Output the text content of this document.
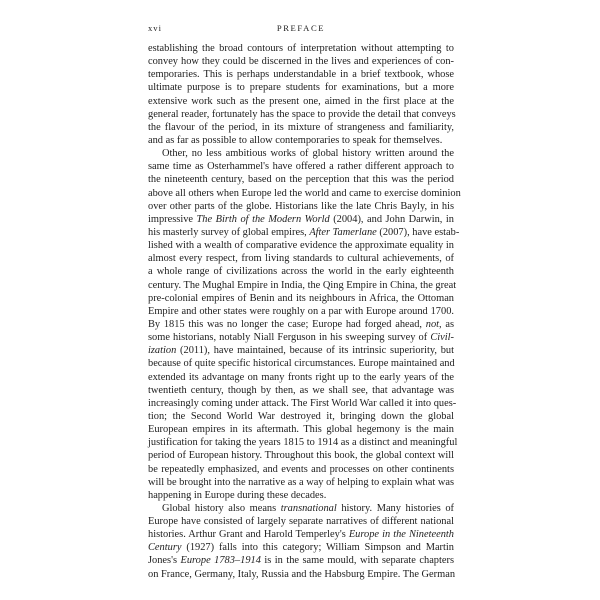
xvi	PREFACE
establishing the broad contours of interpretation without attempting to
convey how they could be discerned in the lives and experiences of con-
temporaries. This is perhaps understandable in a brief textbook, whose
ultimate purpose is to prepare students for examinations, but a more
extensive work such as the present one, aimed in the first place at the
general reader, fortunately has the space to provide the detail that conveys
the flavour of the period, in its mixture of strangeness and familiarity,
and as far as possible to allow contemporaries to speak for themselves.
Other, no less ambitious works of global history written around the
same time as Osterhammel's have offered a rather different approach to
the nineteenth century, based on the perception that this was the period
above all others when Europe led the world and came to exercise dominion
over other parts of the globe. Historians like the late Chris Bayly, in his
impressive The Birth of the Modern World (2004), and John Darwin, in
his masterly survey of global empires, After Tamerlane (2007), have estab-
lished with a wealth of comparative evidence the approximate equality in
almost every respect, from living standards to cultural achievements, of
a whole range of civilizations across the world in the early eighteenth
century. The Mughal Empire in India, the Qing Empire in China, the great
pre-colonial empires of Benin and its neighbours in Africa, the Ottoman
Empire and other states were roughly on a par with Europe around 1700.
By 1815 this was no longer the case; Europe had forged ahead, not, as
some historians, notably Niall Ferguson in his sweeping survey of Civil-
ization (2011), have maintained, because of its intrinsic superiority, but
because of quite specific historical circumstances. Europe maintained and
extended its advantage on many fronts right up to the early years of the
twentieth century, though by then, as we shall see, that advantage was
increasingly coming under attack. The First World War called it into ques-
tion; the Second World War destroyed it, bringing down the global
European empires in its aftermath. This global hegemony is the main
justification for taking the years 1815 to 1914 as a distinct and meaningful
period of European history. Throughout this book, the global context will
be repeatedly emphasized, and events and processes on other continents
will be brought into the narrative as a way of helping to explain what was
happening in Europe during these decades.
Global history also means transnational history. Many histories of
Europe have consisted of largely separate narratives of different national
histories. Arthur Grant and Harold Temperley's Europe in the Nineteenth
Century (1927) falls into this category; William Simpson and Martin
Jones's Europe 1783–1914 is in the same mould, with separate chapters
on France, Germany, Italy, Russia and the Habsburg Empire. The German
